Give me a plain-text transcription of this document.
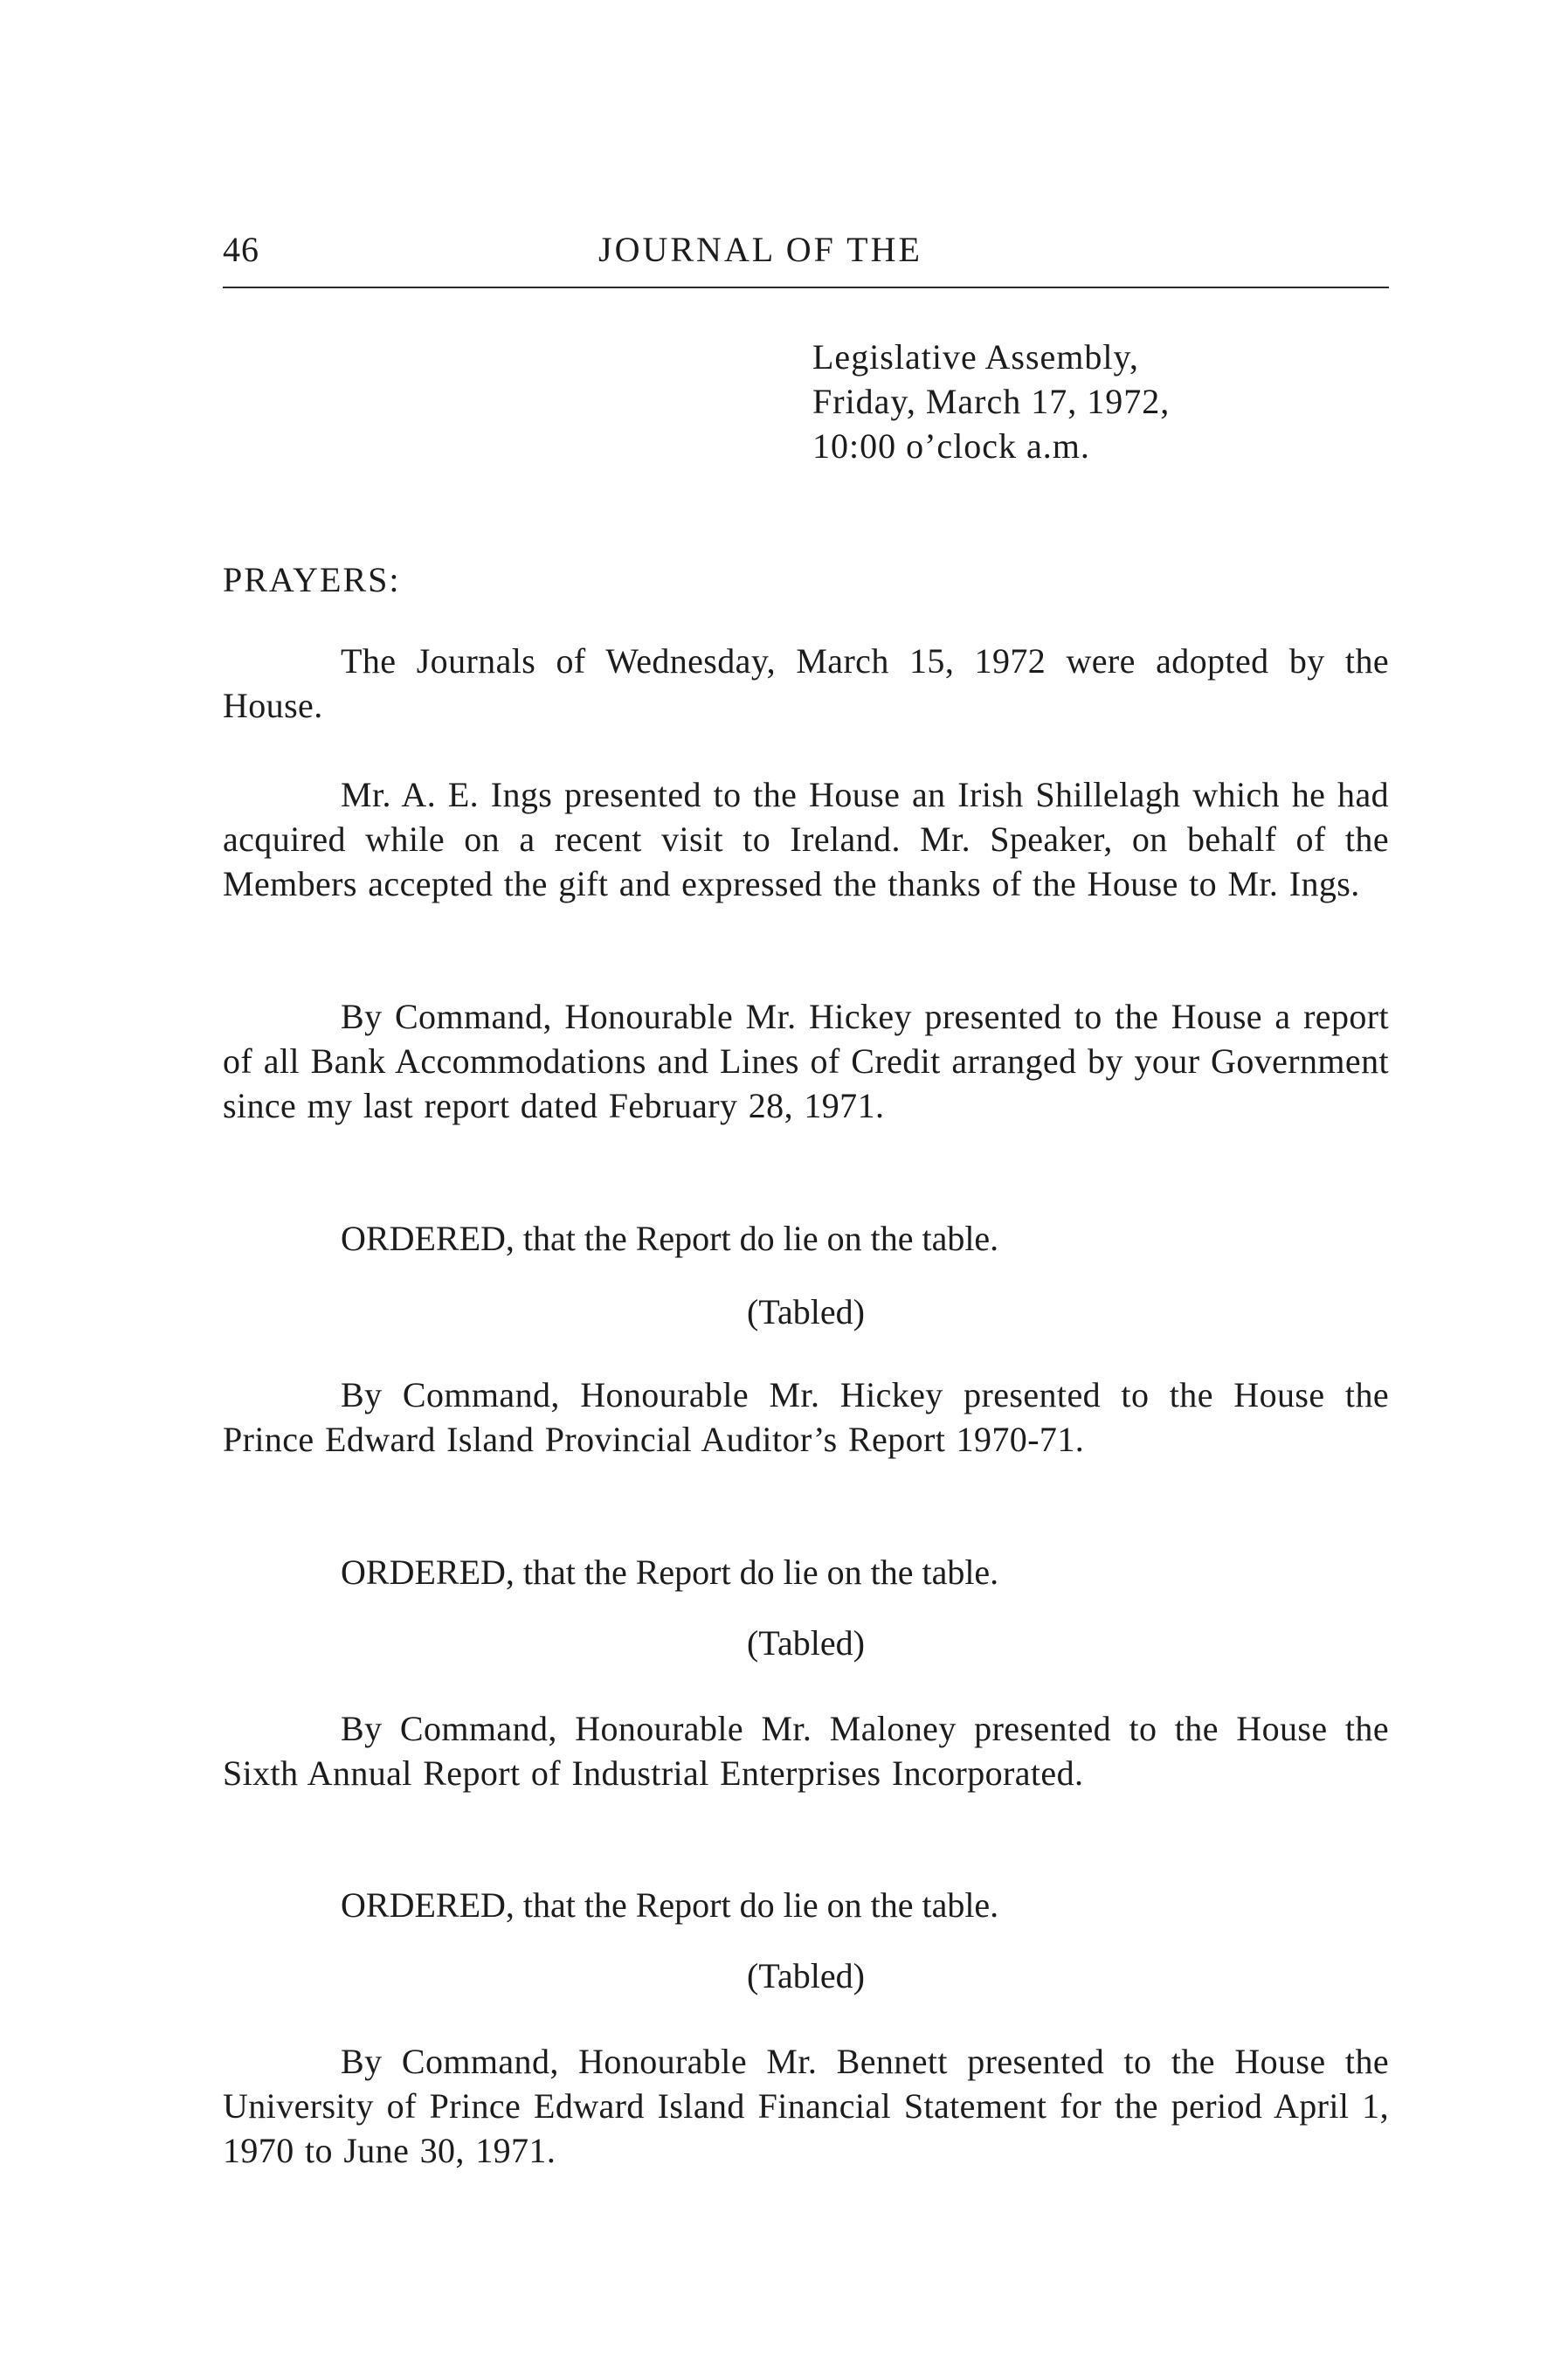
46	JOURNAL OF THE
Legislative Assembly,
Friday, March 17, 1972,
10:00 o’clock a.m.
PRAYERS:

The Journals of Wednesday, March 15, 1972 were adopted by the House.

Mr. A. E. Ings presented to the House an Irish Shillelagh which he had acquired while on a recent visit to Ireland. Mr. Speaker, on behalf of the Members accepted the gift and expressed the thanks of the House to Mr. Ings.

By Command, Honourable Mr. Hickey presented to the House a report of all Bank Accommodations and Lines of Credit arranged by your Government since my last report dated February 28, 1971.

ORDERED, that the Report do lie on the table.
(Tabled)

By Command, Honourable Mr. Hickey presented to the House the Prince Edward Island Provincial Auditor’s Report 1970-71.

ORDERED, that the Report do lie on the table.
(Tabled)

By Command, Honourable Mr. Maloney presented to the House the Sixth Annual Report of Industrial Enterprises Incorporated.

ORDERED, that the Report do lie on the table.
(Tabled)

By Command, Honourable Mr. Bennett presented to the House the University of Prince Edward Island Financial Statement for the period April 1, 1970 to June 30, 1971.
